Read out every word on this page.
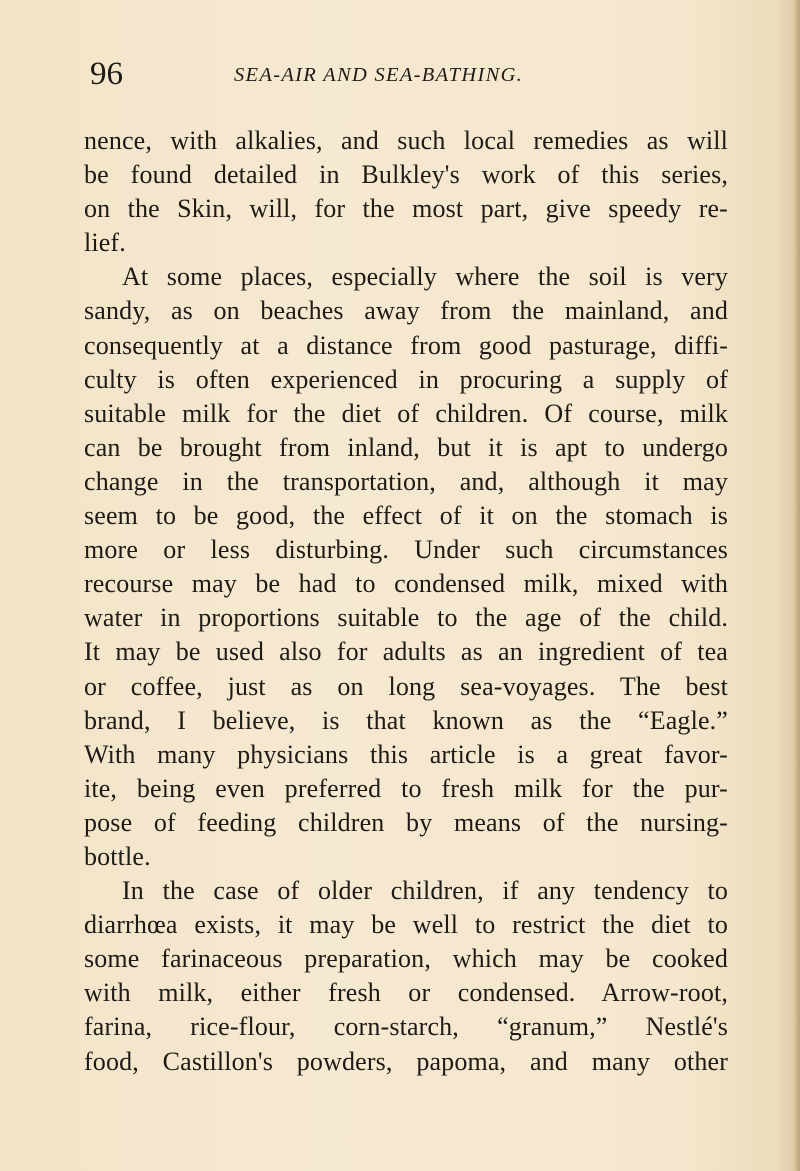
96	SEA-AIR AND SEA-BATHING.
nence, with alkalies, and such local remedies as will
be found detailed in Bulkley's work of this series,
on the Skin, will, for the most part, give speedy re-
lief.
At some places, especially where the soil is very
sandy, as on beaches away from the mainland, and
consequently at a distance from good pasturage, diffi-
culty is often experienced in procuring a supply of
suitable milk for the diet of children. Of course, milk
can be brought from inland, but it is apt to undergo
change in the transportation, and, although it may
seem to be good, the effect of it on the stomach is
more or less disturbing. Under such circumstances
recourse may be had to condensed milk, mixed with
water in proportions suitable to the age of the child.
It may be used also for adults as an ingredient of tea
or coffee, just as on long sea-voyages. The best
brand, I believe, is that known as the “Eagle.”
With many physicians this article is a great favor-
ite, being even preferred to fresh milk for the pur-
pose of feeding children by means of the nursing-
bottle.
In the case of older children, if any tendency to
diarrhœa exists, it may be well to restrict the diet to
some farinaceous preparation, which may be cooked
with milk, either fresh or condensed. Arrow-root,
farina, rice-flour, corn-starch, “granum,” Nestlé's
food, Castillon's powders, papoma, and many other
